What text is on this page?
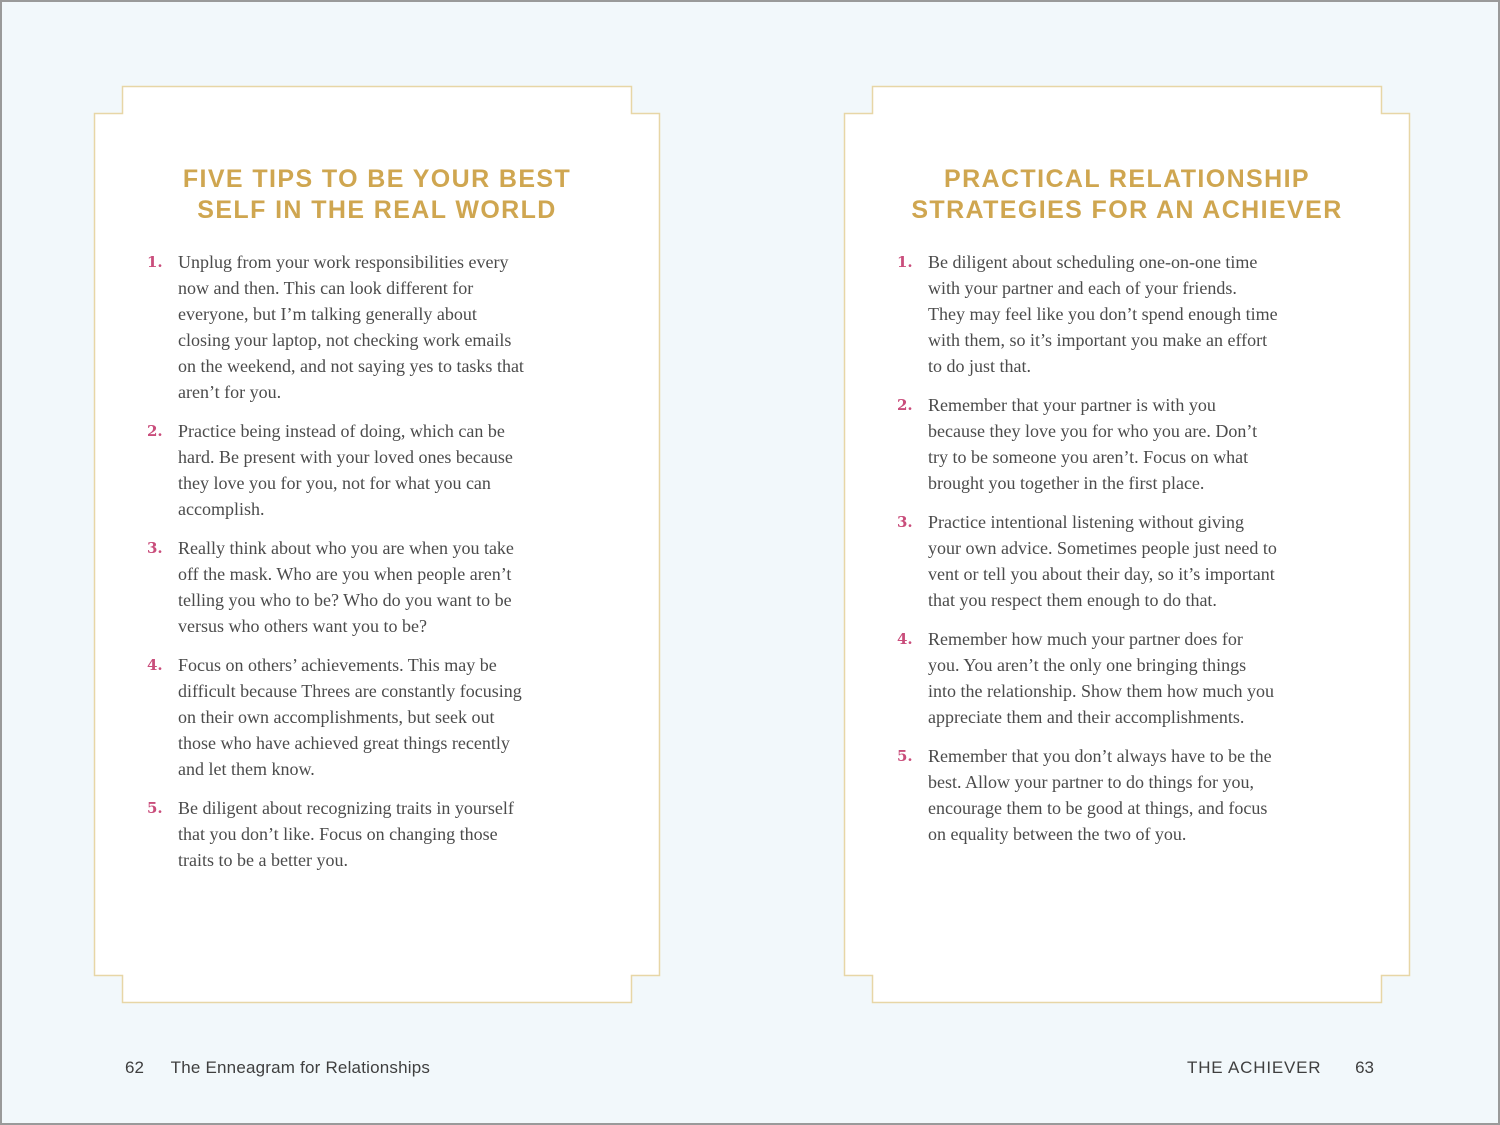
FIVE TIPS TO BE YOUR BEST
SELF IN THE REAL WORLD
1. Unplug from your work responsibilities every
now and then. This can look different for
everyone, but I’m talking generally about
closing your laptop, not checking work emails
on the weekend, and not saying yes to tasks that
aren’t for you.
2. Practice being instead of doing, which can be
hard. Be present with your loved ones because
they love you for you, not for what you can
accomplish.
3. Really think about who you are when you take
off the mask. Who are you when people aren’t
telling you who to be? Who do you want to be
versus who others want you to be?
4. Focus on others’ achievements. This may be
difficult because Threes are constantly focusing
on their own accomplishments, but seek out
those who have achieved great things recently
and let them know.
5. Be diligent about recognizing traits in yourself
that you don’t like. Focus on changing those
traits to be a better you.
PRACTICAL RELATIONSHIP
STRATEGIES FOR AN ACHIEVER
1. Be diligent about scheduling one-on-one time
with your partner and each of your friends.
They may feel like you don’t spend enough time
with them, so it’s important you make an effort
to do just that.
2. Remember that your partner is with you
because they love you for who you are. Don’t
try to be someone you aren’t. Focus on what
brought you together in the first place.
3. Practice intentional listening without giving
your own advice. Sometimes people just need to
vent or tell you about their day, so it’s important
that you respect them enough to do that.
4. Remember how much your partner does for
you. You aren’t the only one bringing things
into the relationship. Show them how much you
appreciate them and their accomplishments.
5. Remember that you don’t always have to be the
best. Allow your partner to do things for you,
encourage them to be good at things, and focus
on equality between the two of you.
62 The Enneagram for Relationships	THE ACHIEVER 63
